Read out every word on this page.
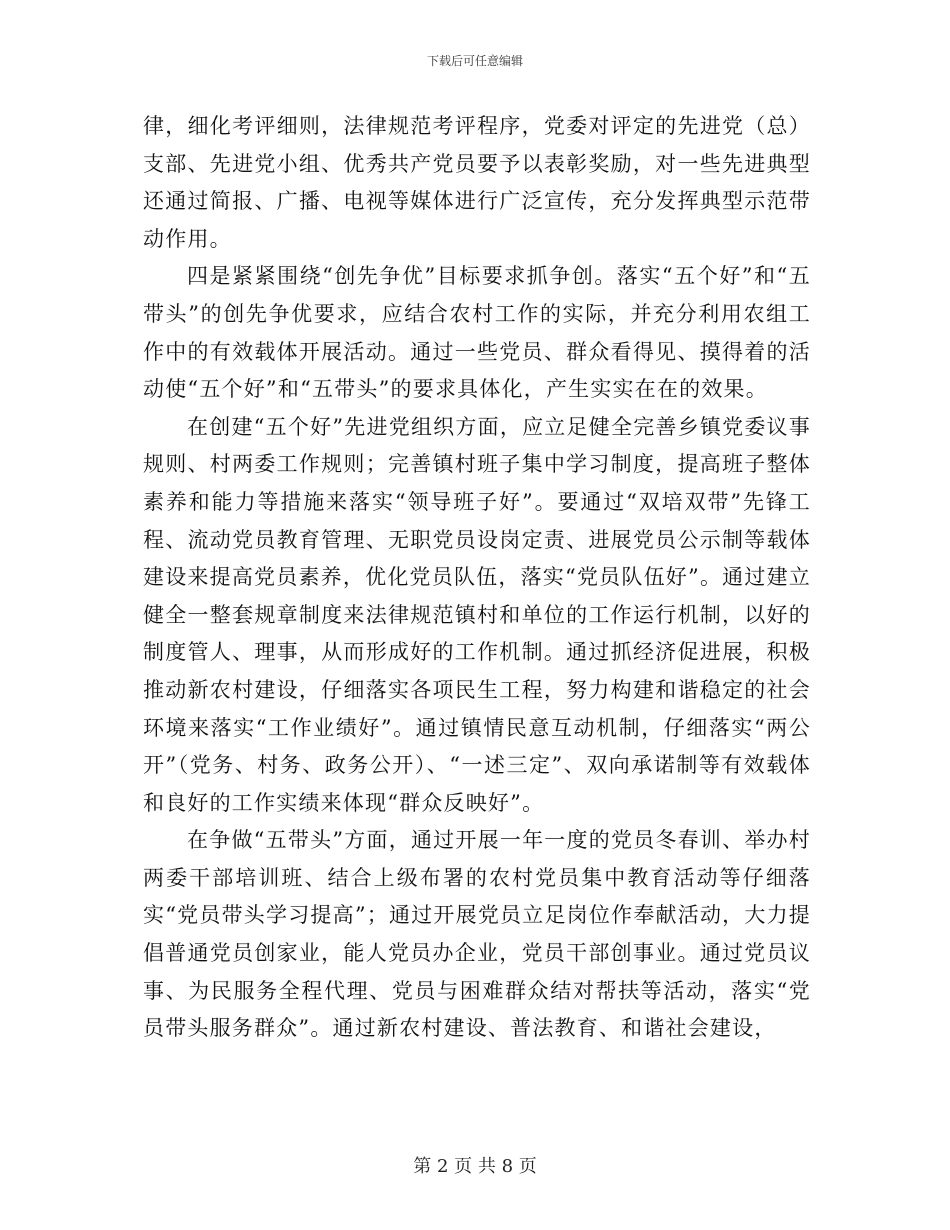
下载后可任意编辑

律，细化考评细则，法律规范考评程序，党委对评定的先进党（总）支部、先进党小组、优秀共产党员要予以表彰奖励，对一些先进典型还通过简报、广播、电视等媒体进行广泛宣传，充分发挥典型示范带动作用。

四是紧紧围绕“创先争优”目标要求抓争创。落实“五个好”和“五带头”的创先争优要求，应结合农村工作的实际，并充分利用农组工作中的有效载体开展活动。通过一些党员、群众看得见、摸得着的活动使“五个好”和“五带头”的要求具体化，产生实实在在的效果。

在创建“五个好”先进党组织方面，应立足健全完善乡镇党委议事规则、村两委工作规则；完善镇村班子集中学习制度，提高班子整体素养和能力等措施来落实“领导班子好”。要通过“双培双带”先锋工程、流动党员教育管理、无职党员设岗定责、进展党员公示制等载体建设来提高党员素养，优化党员队伍，落实“党员队伍好”。通过建立健全一整套规章制度来法律规范镇村和单位的工作运行机制，以好的制度管人、理事，从而形成好的工作机制。通过抓经济促进展，积极推动新农村建设，仔细落实各项民生工程，努力构建和谐稳定的社会环境来落实“工作业绩好”。通过镇情民意互动机制，仔细落实“两公开”（党务、村务、政务公开）、“一述三定”、双向承诺制等有效载体和良好的工作实绩来体现“群众反映好”。

在争做“五带头”方面，通过开展一年一度的党员冬春训、举办村两委干部培训班、结合上级布署的农村党员集中教育活动等仔细落实“党员带头学习提高”；通过开展党员立足岗位作奉献活动，大力提倡普通党员创家业，能人党员办企业，党员干部创事业。通过党员议事、为民服务全程代理、党员与困难群众结对帮扶等活动，落实“党员带头服务群众”。通过新农村建设、普法教育、和谐社会建设，

第 2 页 共 8 页
